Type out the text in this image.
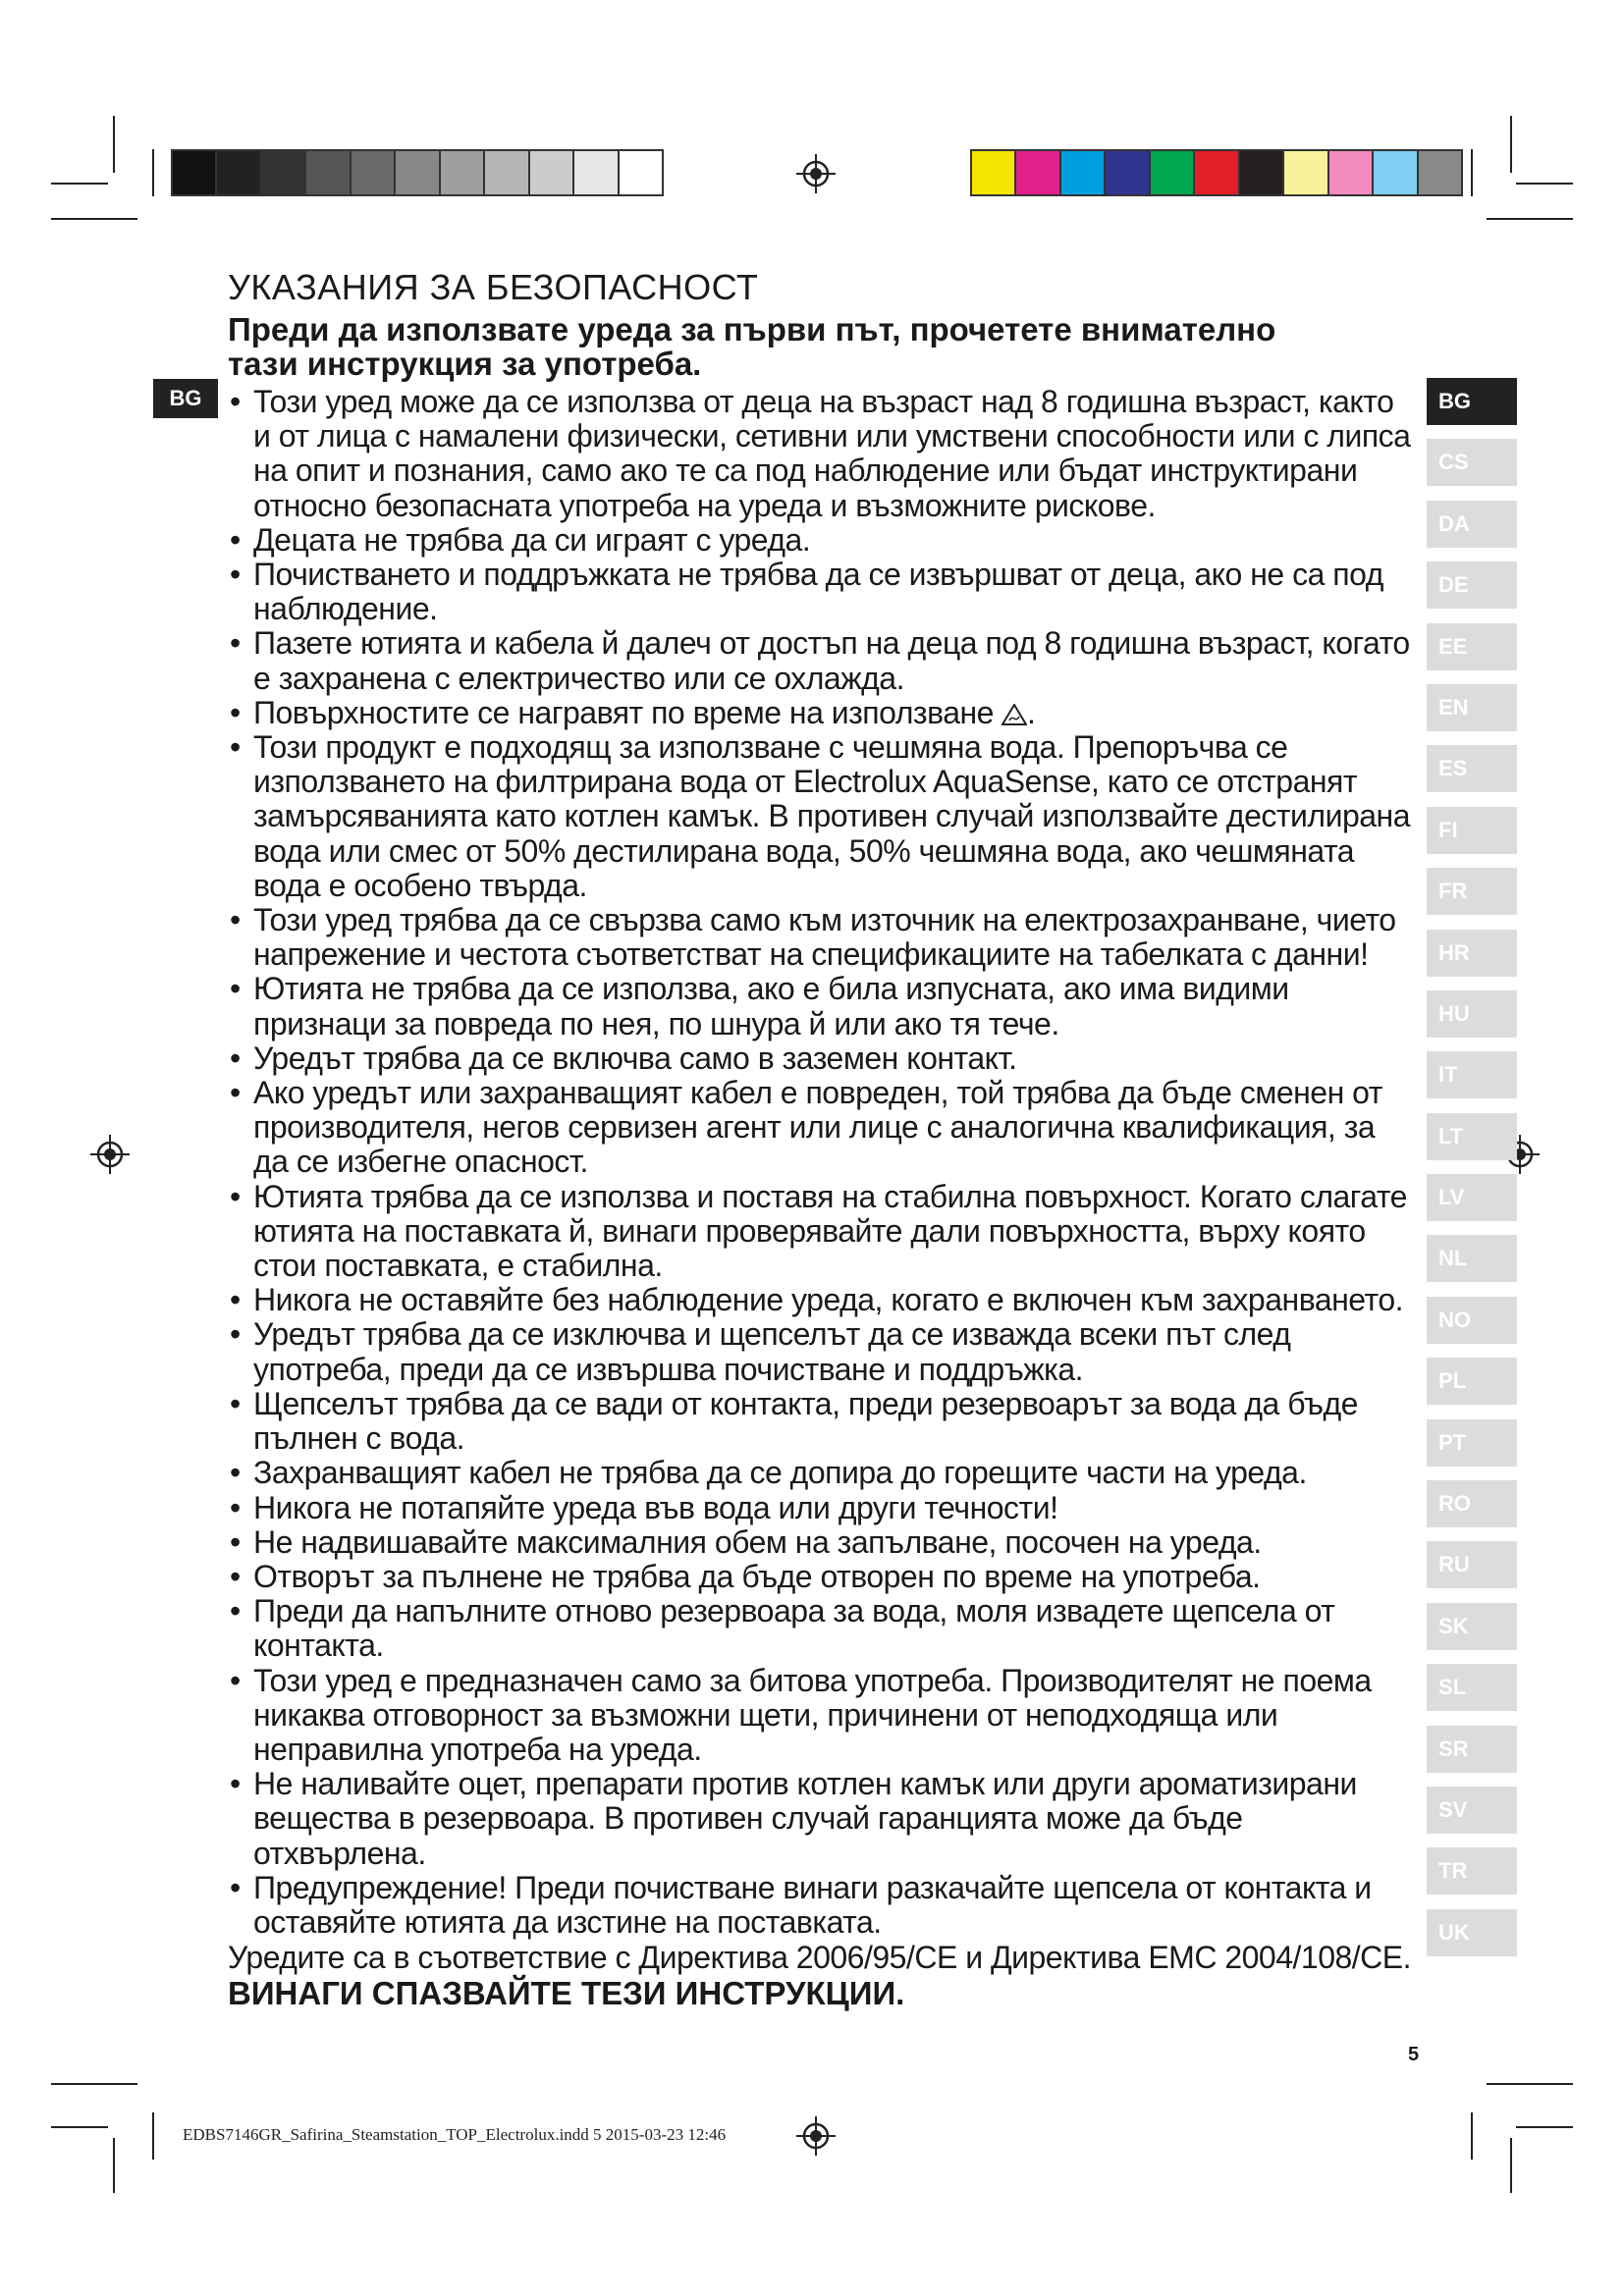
BG
УКАЗАНИЯ ЗА БЕЗОПАСНОСТ

Преди да използвате уреда за първи път, прочетете внимателно тази инструкция за употреба.

• Този уред може да се използва от деца на възраст над 8 годишна възраст, както и от лица с намалени физически, сетивни или умствени способности или с липса на опит и познания, само ако те са под наблюдение или бъдат инструктирани относно безопасната употреба на уреда и възможните рискове.
• Децата не трябва да си играят с уреда.
• Почистването и поддръжката не трябва да се извършват от деца, ако не са под наблюдение.
• Пазете ютията и кабела й далеч от достъп на деца под 8 годишна възраст, когато е захранена с електричество или се охлажда.
• Повърхностите се награвят по време на използване .
• Този продукт е подходящ за използване с чешмяна вода. Препоръчва се използването на филтрирана вода от Electrolux AquaSense, като се отстранят замърсяванията като котлен камък. В противен случай използвайте дестилирана вода или смес от 50% дестилирана вода, 50% чешмяна вода, ако чешмяната вода е особено твърда.
• Този уред трябва да се свързва само към източник на електрозахранване, чието напрежение и честота съответстват на спецификациите на табелката с данни!
• Ютията не трябва да се използва, ако е била изпусната, ако има видими признаци за повреда по нея, по шнура й или ако тя тече.
• Уредът трябва да се включва само в заземен контакт.
• Ако уредът или захранващият кабел е повреден, той трябва да бъде сменен от производителя, негов сервизен агент или лице с аналогична квалификация, за да се избегне опасност.
• Ютията трябва да се използва и поставя на стабилна повърхност. Когато слагате ютията на поставката й, винаги проверявайте дали повърхността, върху която стои поставката, е стабилна.
• Никога не оставяйте без наблюдение уреда, когато е включен към захранването.
• Уредът трябва да се изключва и щепселът да се изважда всеки път след употреба, преди да се извършва почистване и поддръжка.
• Щепселът трябва да се вади от контакта, преди резервоарът за вода да бъде пълнен с вода.
• Захранващият кабел не трябва да се допира до горещите части на уреда.
• Никога не потапяйте уреда във вода или други течности!
• Не надвишавайте максималния обем на запълване, посочен на уреда.
• Отворът за пълнене не трябва да бъде отворен по време на употреба.
• Преди да напълните отново резервоара за вода, моля извадете щепсела от контакта.
• Този уред е предназначен само за битова употреба. Производителят не поема никаква отговорност за възможни щети, причинени от неподходяща или неправилна употреба на уреда.
• Не наливайте оцет, препарати против котлен камък или други ароматизирани вещества в резервоара. В противен случай гаранцията може да бъде отхвърлена.
• Предупреждение! Преди почистване винаги разкачайте щепсела от контакта и оставяйте ютията да изстине на поставката.

Уредите са в съответствие с Директива 2006/95/CE и Директива EMC 2004/108/CE.

ВИНАГИ СПАЗВАЙТЕ ТЕЗИ ИНСТРУКЦИИ.

BG
CS
DA
DE
EE
EN
ES
FI
FR
HR
HU
IT
LT
LV
NL
NO
PL
PT
RO
RU
SK
SL
SR
SV
TR
UK
5
EDBS7146GR_Safirina_Steamstation_TOP_Electrolux.indd 5 2015-03-23 12:46
